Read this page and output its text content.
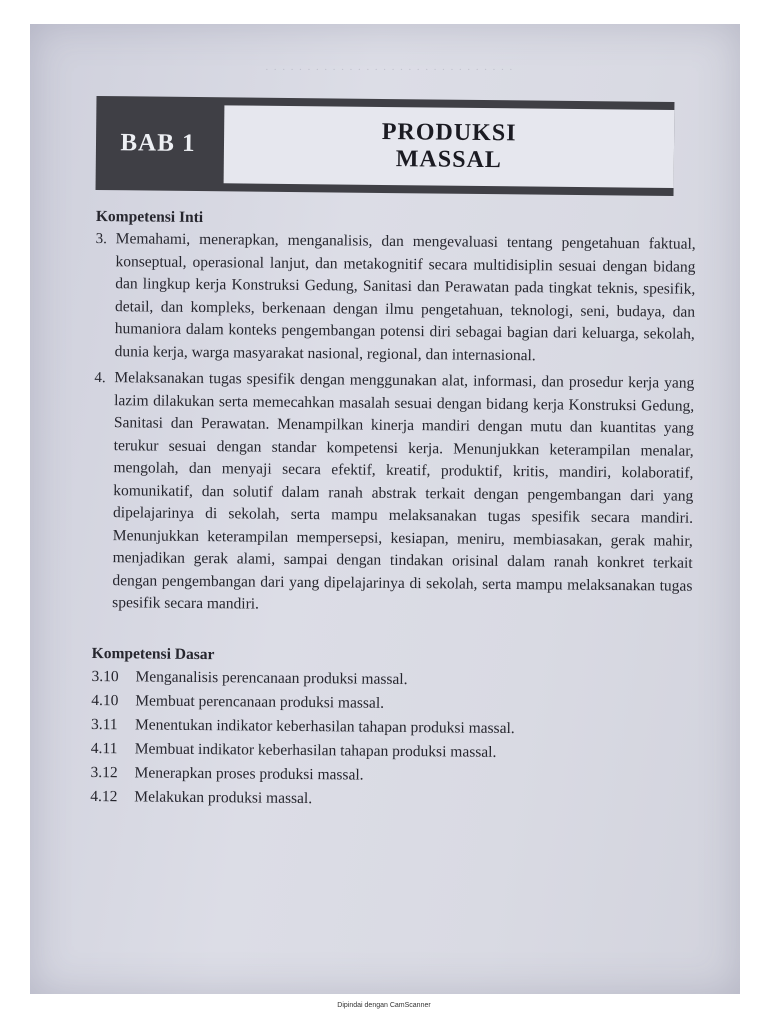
· · · · · · · · · · · · · · · · · · · · · · · · · · · · · ·
BAB 1	PRODUKSI
MASSAL
Kompetensi Inti
3. Memahami, menerapkan, menganalisis, dan mengevaluasi tentang pengetahuan faktual, konseptual, operasional lanjut, dan metakognitif secara multidisiplin sesuai dengan bidang dan lingkup kerja Konstruksi Gedung, Sanitasi dan Perawatan pada tingkat teknis, spesifik, detail, dan kompleks, berkenaan dengan ilmu pengetahuan, teknologi, seni, budaya, dan humaniora dalam konteks pengembangan potensi diri sebagai bagian dari keluarga, sekolah, dunia kerja, warga masyarakat nasional, regional, dan internasional.
4. Melaksanakan tugas spesifik dengan menggunakan alat, informasi, dan prosedur kerja yang lazim dilakukan serta memecahkan masalah sesuai dengan bidang kerja Konstruksi Gedung, Sanitasi dan Perawatan. Menampilkan kinerja mandiri dengan mutu dan kuantitas yang terukur sesuai dengan standar kompetensi kerja. Menunjukkan keterampilan menalar, mengolah, dan menyaji secara efektif, kreatif, produktif, kritis, mandiri, kolaboratif, komunikatif, dan solutif dalam ranah abstrak terkait dengan pengembangan dari yang dipelajarinya di sekolah, serta mampu melaksanakan tugas spesifik secara mandiri. Menunjukkan keterampilan mempersepsi, kesiapan, meniru, membiasakan, gerak mahir, menjadikan gerak alami, sampai dengan tindakan orisinal dalam ranah konkret terkait dengan pengembangan dari yang dipelajarinya di sekolah, serta mampu melaksanakan tugas spesifik secara mandiri.
Kompetensi Dasar
3.10	Menganalisis perencanaan produksi massal.
4.10	Membuat perencanaan produksi massal.
3.11	Menentukan indikator keberhasilan tahapan produksi massal.
4.11	Membuat indikator keberhasilan tahapan produksi massal.
3.12	Menerapkan proses produksi massal.
4.12	Melakukan produksi massal.
Dipindai dengan CamScanner
